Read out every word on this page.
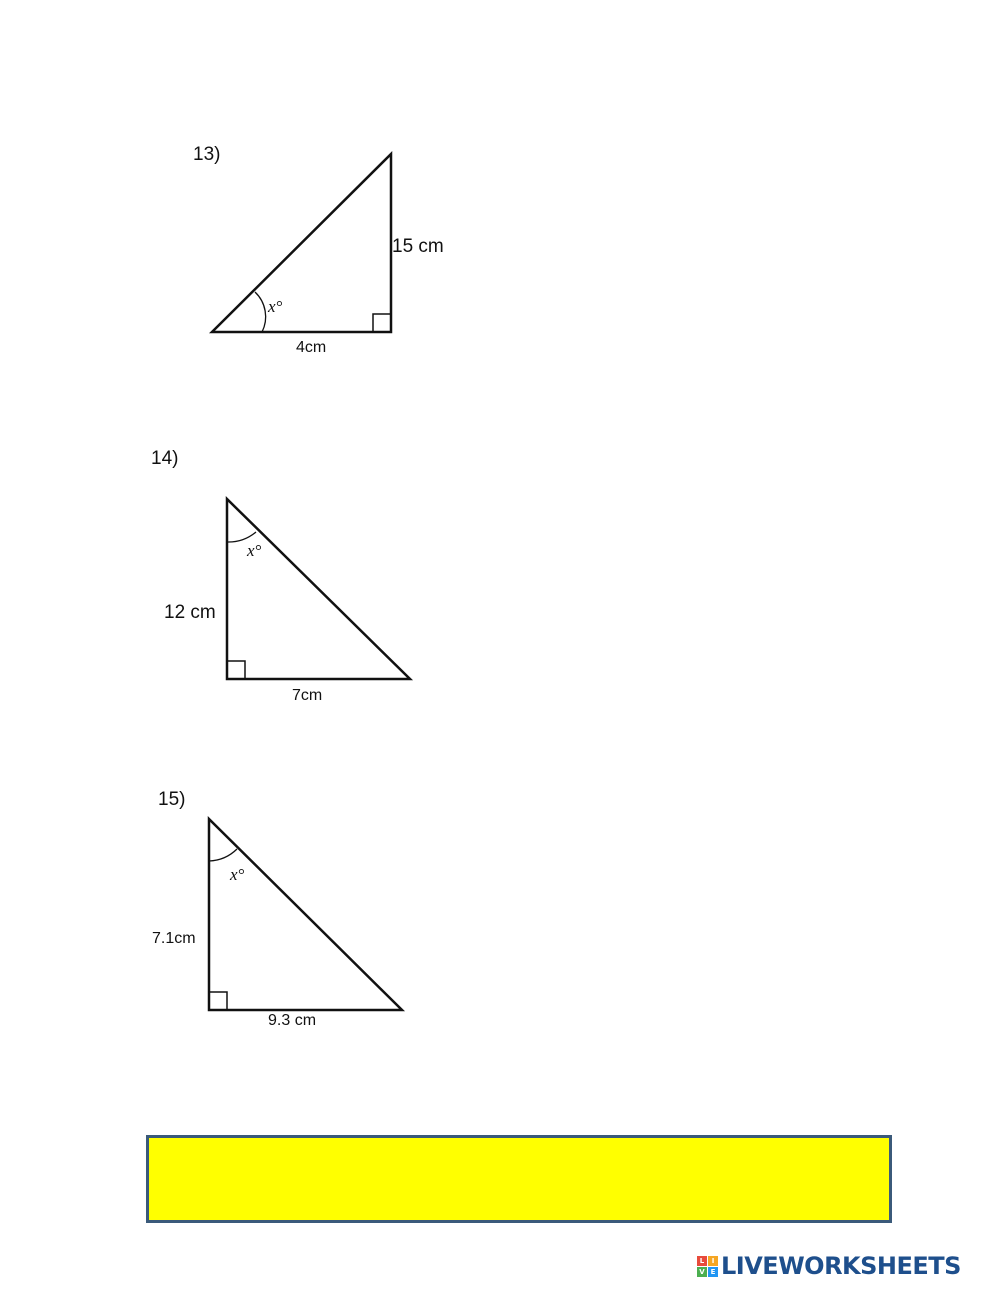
13)
15 cm
4cm
x°
14)
12 cm
7cm
x°
15)
7.1cm
9.3 cm
x°
L	I
V E LIVEWORKSHEETS
